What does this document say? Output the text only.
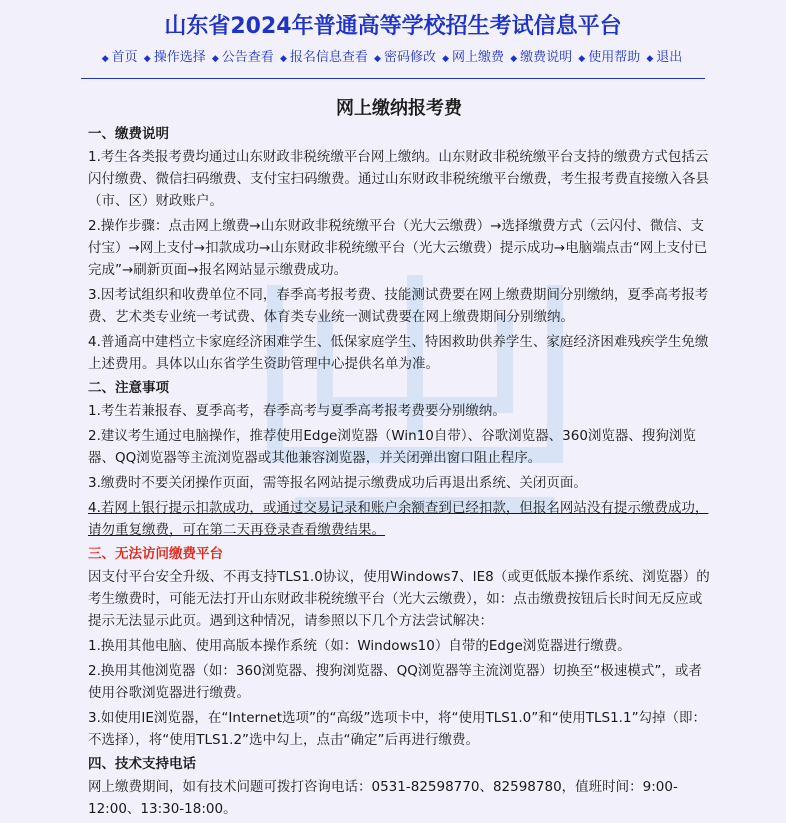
山东省2024年普通高等学校招生考试信息平台
◆ 首页 ◆ 操作选择 ◆ 公告查看 ◆ 报名信息查看 ◆ 密码修改 ◆ 网上缴费 ◆ 缴费说明 ◆ 使用帮助 ◆ 退出
网上缴纳报考费
一、缴费说明

1.考生各类报考费均通过山东财政非税统缴平台网上缴纳。山东财政非税统缴平台支持的缴费方式包括云闪付缴费、微信扫码缴费、支付宝扫码缴费。通过山东财政非税统缴平台缴费，考生报考费直接缴入各县（市、区）财政账户。

2.操作步骤：点击网上缴费→山东财政非税统缴平台（光大云缴费）→选择缴费方式（云闪付、微信、支付宝）→网上支付→扣款成功→山东财政非税统缴平台（光大云缴费）提示成功→电脑端点击“网上支付已完成”→刷新页面→报名网站显示缴费成功。

3.因考试组织和收费单位不同，春季高考报考费、技能测试费要在网上缴费期间分别缴纳，夏季高考报考费、艺术类专业统一考试费、体育类专业统一测试费要在网上缴费期间分别缴纳。

4.普通高中建档立卡家庭经济困难学生、低保家庭学生、特困救助供养学生、家庭经济困难残疾学生免缴上述费用。具体以山东省学生资助管理中心提供名单为准。

二、注意事项

1.考生若兼报春、夏季高考，春季高考与夏季高考报考费要分别缴纳。

2.建议考生通过电脑操作，推荐使用Edge浏览器（Win10自带）、谷歌浏览器、360浏览器、搜狗浏览器、QQ浏览器等主流浏览器或其他兼容浏览器，并关闭弹出窗口阻止程序。

3.缴费时不要关闭操作页面，需等报名网站提示缴费成功后再退出系统、关闭页面。

4.若网上银行提示扣款成功，或通过交易记录和账户余额查到已经扣款，但报名网站没有提示缴费成功，请勿重复缴费，可在第二天再登录查看缴费结果。

三、无法访问缴费平台

因支付平台安全升级、不再支持TLS1.0协议，使用Windows7、IE8（或更低版本操作系统、浏览器）的考生缴费时，可能无法打开山东财政非税统缴平台（光大云缴费），如：点击缴费按钮后长时间无反应或提示无法显示此页。遇到这种情况，请参照以下几个方法尝试解决：

1.换用其他电脑、使用高版本操作系统（如：Windows10）自带的Edge浏览器进行缴费。

2.换用其他浏览器（如：360浏览器、搜狗浏览器、QQ浏览器等主流浏览器）切换至“极速模式”，或者使用谷歌浏览器进行缴费。

3.如使用IE浏览器，在“Internet选项”的“高级”选项卡中，将“使用TLS1.0”和“使用TLS1.1”勾掉（即：不选择），将“使用TLS1.2”选中勾上，点击“确定”后再进行缴费。

四、技术支持电话

网上缴费期间，如有技术问题可拨打咨询电话：0531-82598770、82598780，值班时间：9:00-12:00、13:30-18:00。
